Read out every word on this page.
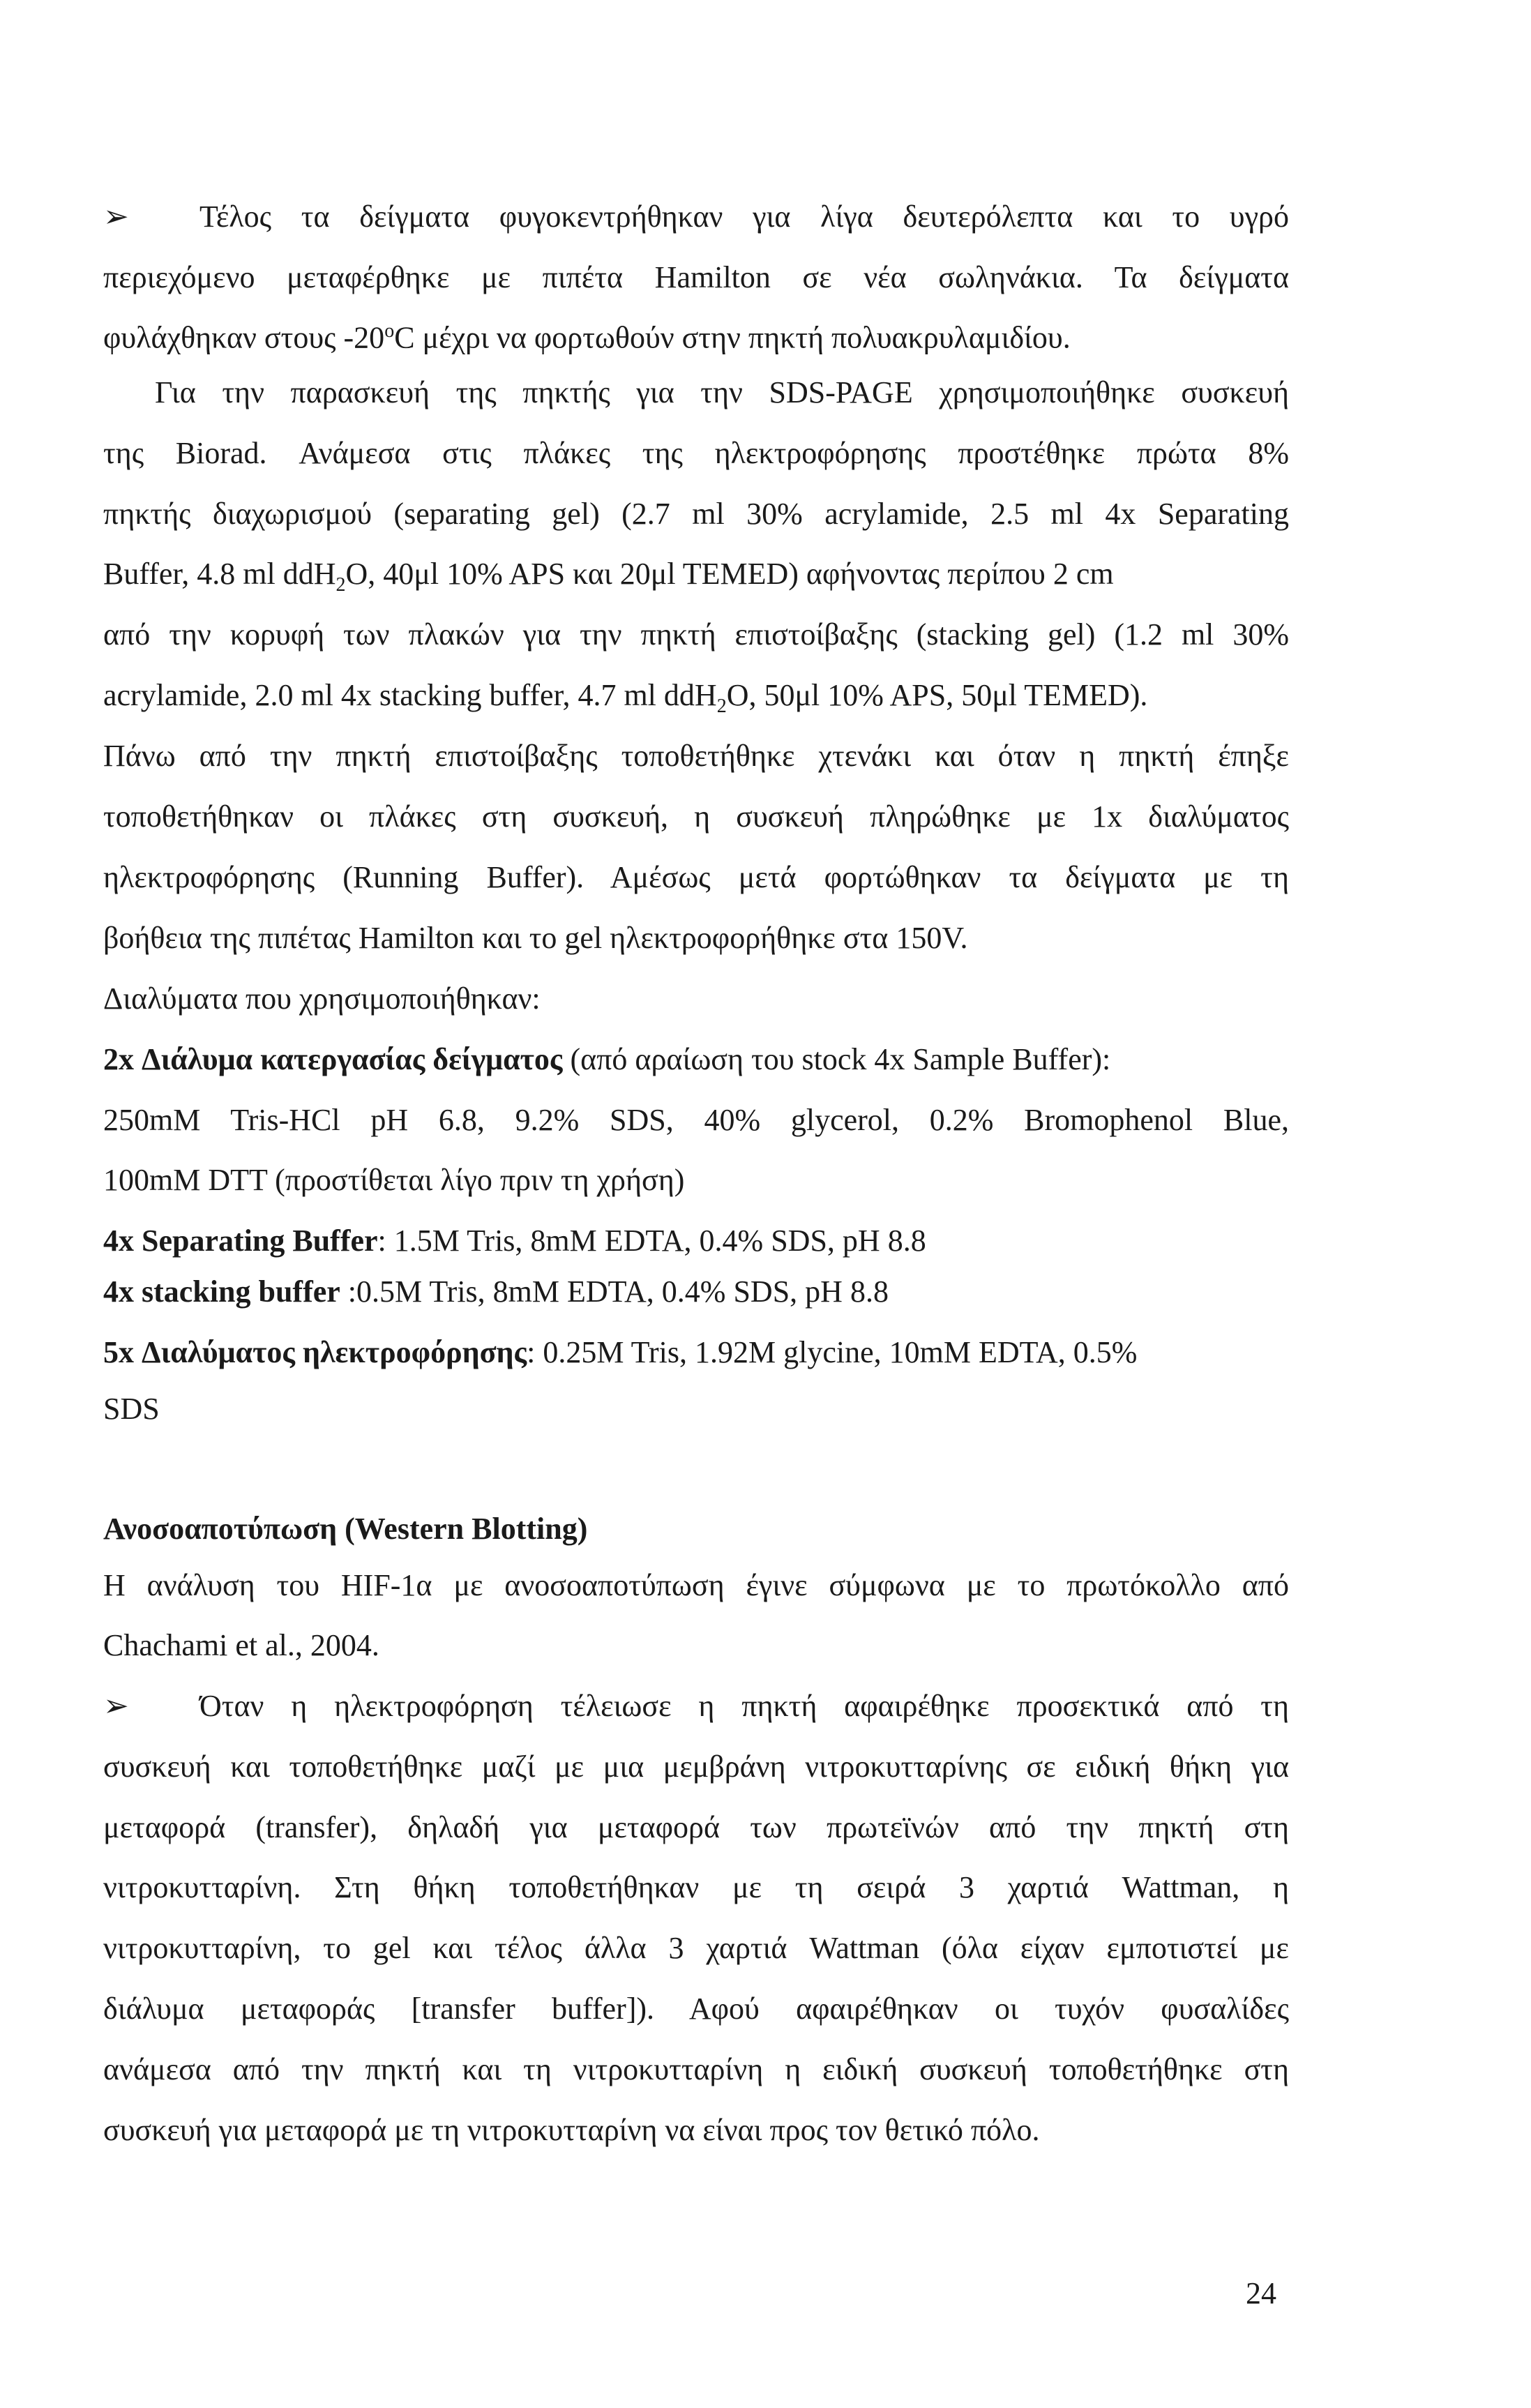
➢	Τέλος τα δείγματα φυγοκεντρήθηκαν για λίγα δευτερόλεπτα και το υγρό
περιεχόμενο μεταφέρθηκε με πιπέτα Hamilton σε νέα σωληνάκια. Τα δείγματα
φυλάχθηκαν στους -20$^o$C μέχρι να φορτωθούν στην πηκτή πολυακρυλαμιδίου.
Για την παρασκευή της πηκτής για την SDS-PAGE χρησιμοποιήθηκε συσκευή
της Biorad. Ανάμεσα στις πλάκες της ηλεκτροφόρησης προστέθηκε πρώτα 8%
πηκτής διαχωρισμού (separating gel) (2.7 ml 30% acrylamide, 2.5 ml 4x Separating
Buffer, 4.8 ml ddH$_2$O, 40μl 10% APS και 20μl TEMED) αφήνοντας περίπου 2 cm
από την κορυφή των πλακών για την πηκτή επιστοίβαξης (stacking gel) (1.2 ml 30%
acrylamide, 2.0 ml 4x stacking buffer, 4.7 ml ddH$_2$O, 50μl 10% APS, 50μl TEMED).
Πάνω από την πηκτή επιστοίβαξης τοποθετήθηκε χτενάκι και όταν η πηκτή έπηξε
τοποθετήθηκαν οι πλάκες στη συσκευή, η συσκευή πληρώθηκε με 1x διαλύματος
ηλεκτροφόρησης (Running Buffer). Αμέσως μετά φορτώθηκαν τα δείγματα με τη
βοήθεια της πιπέτας Hamilton και το gel ηλεκτροφορήθηκε στα 150V.
Διαλύματα που χρησιμοποιήθηκαν:
2x Διάλυμα κατεργασίας δείγματος (από αραίωση του stock 4x Sample Buffer):
250mM Tris-HCl pH 6.8, 9.2% SDS, 40% glycerol, 0.2% Bromophenol Blue,
100mM DTT (προστίθεται λίγο πριν τη χρήση)
4x Separating Buffer: 1.5M Tris, 8mM EDTA, 0.4% SDS, pH 8.8
4x stacking buffer :0.5M Tris, 8mM EDTA, 0.4% SDS, pH 8.8
5x Διαλύματος ηλεκτροφόρησης: 0.25M Tris, 1.92M glycine, 10mM EDTA, 0.5%
SDS
Ανοσοαποτύπωση (Western Blotting)
Η ανάλυση του HIF-1α με ανοσοαποτύπωση έγινε σύμφωνα με το πρωτόκολλο από
Chachami et al., 2004.
➢	Όταν η ηλεκτροφόρηση τέλειωσε η πηκτή αφαιρέθηκε προσεκτικά από τη
συσκευή και τοποθετήθηκε μαζί με μια μεμβράνη νιτροκυτταρίνης σε ειδική θήκη για
μεταφορά (transfer), δηλαδή για μεταφορά των πρωτεϊνών από την πηκτή στη
νιτροκυτταρίνη. Στη θήκη τοποθετήθηκαν με τη σειρά 3 χαρτιά Wattman, η
νιτροκυτταρίνη, το gel και τέλος άλλα 3 χαρτιά Wattman (όλα είχαν εμποτιστεί με
διάλυμα μεταφοράς [transfer buffer]). Αφού αφαιρέθηκαν οι τυχόν φυσαλίδες
ανάμεσα από την πηκτή και τη νιτροκυτταρίνη η ειδική συσκευή τοποθετήθηκε στη
συσκευή για μεταφορά με τη νιτροκυτταρίνη να είναι προς τον θετικό πόλο.
24
